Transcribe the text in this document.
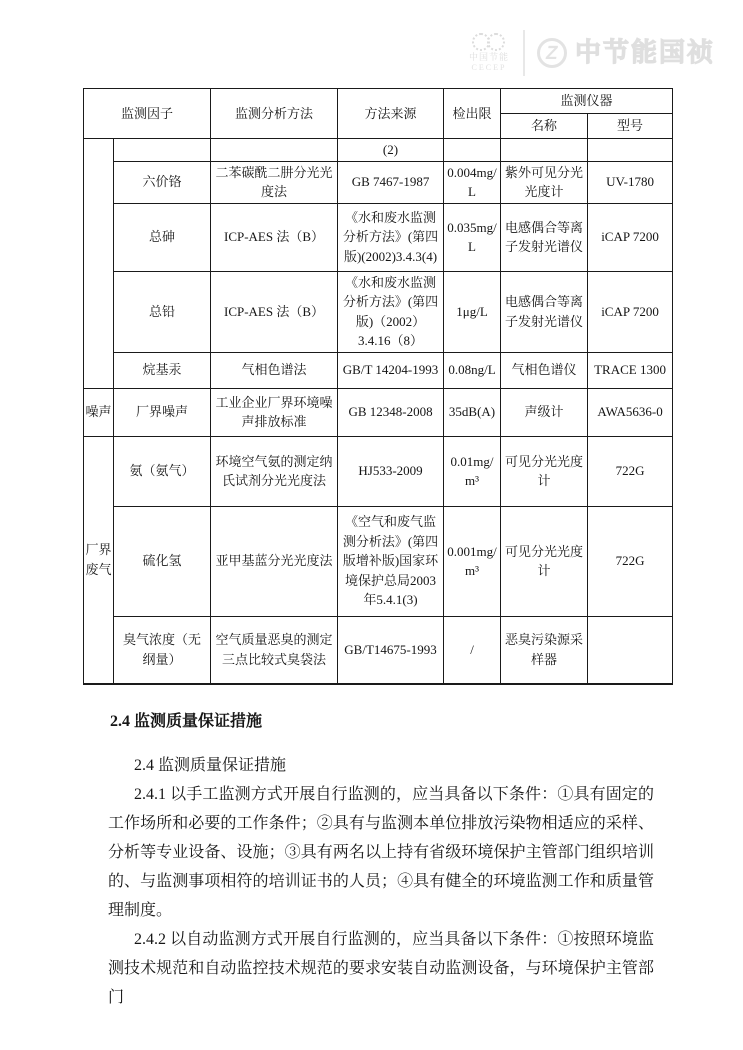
中国节能
CECEP
Z 中节能国祯
监测因子		监测分析方法	方法来源	检出限	监测仪器	
					名称	型号
			(2)			
	六价铬	二苯碳酰二肼分光光度法	GB 7467-1987	0.004mg/L	紫外可见分光光度计	UV-1780
	总砷	ICP-AES 法（B）	《水和废水监测分析方法》(第四版)(2002)3.4.3(4)	0.035mg/L	电感偶合等离子发射光谱仪	iCAP 7200
	总铅	ICP-AES 法（B）	《水和废水监测分析方法》(第四版)（2002）3.4.16（8）	1μg/L	电感偶合等离子发射光谱仪	iCAP 7200
	烷基汞	气相色谱法	GB/T 14204-1993	0.08ng/L	气相色谱仪	TRACE 1300
噪声	厂界噪声	工业企业厂界环境噪声排放标准	GB 12348-2008	35dB(A)	声级计	AWA5636-0
厂界废气	氨（氨气）	环境空气氨的测定纳氏试剂分光光度法	HJ533-2009	0.01mg/m³	可见分光光度计	722G
	硫化氢	亚甲基蓝分光光度法	《空气和废气监测分析法》(第四版增补版)国家环境保护总局2003年5.4.1(3)	0.001mg/m³	可见分光光度计	722G
	臭气浓度（无纲量）	空气质量恶臭的测定三点比较式臭袋法	GB/T14675-1993	/	恶臭污染源采样器	
2.4 监测质量保证措施

2.4 监测质量保证措施

2.4.1 以手工监测方式开展自行监测的，应当具备以下条件：①具有固定的工作场所和必要的工作条件；②具有与监测本单位排放污染物相适应的采样、分析等专业设备、设施；③具有两名以上持有省级环境保护主管部门组织培训的、与监测事项相符的培训证书的人员；④具有健全的环境监测工作和质量管理制度。

2.4.2 以自动监测方式开展自行监测的，应当具备以下条件：①按照环境监测技术规范和自动监控技术规范的要求安装自动监测设备，与环境保护主管部门
